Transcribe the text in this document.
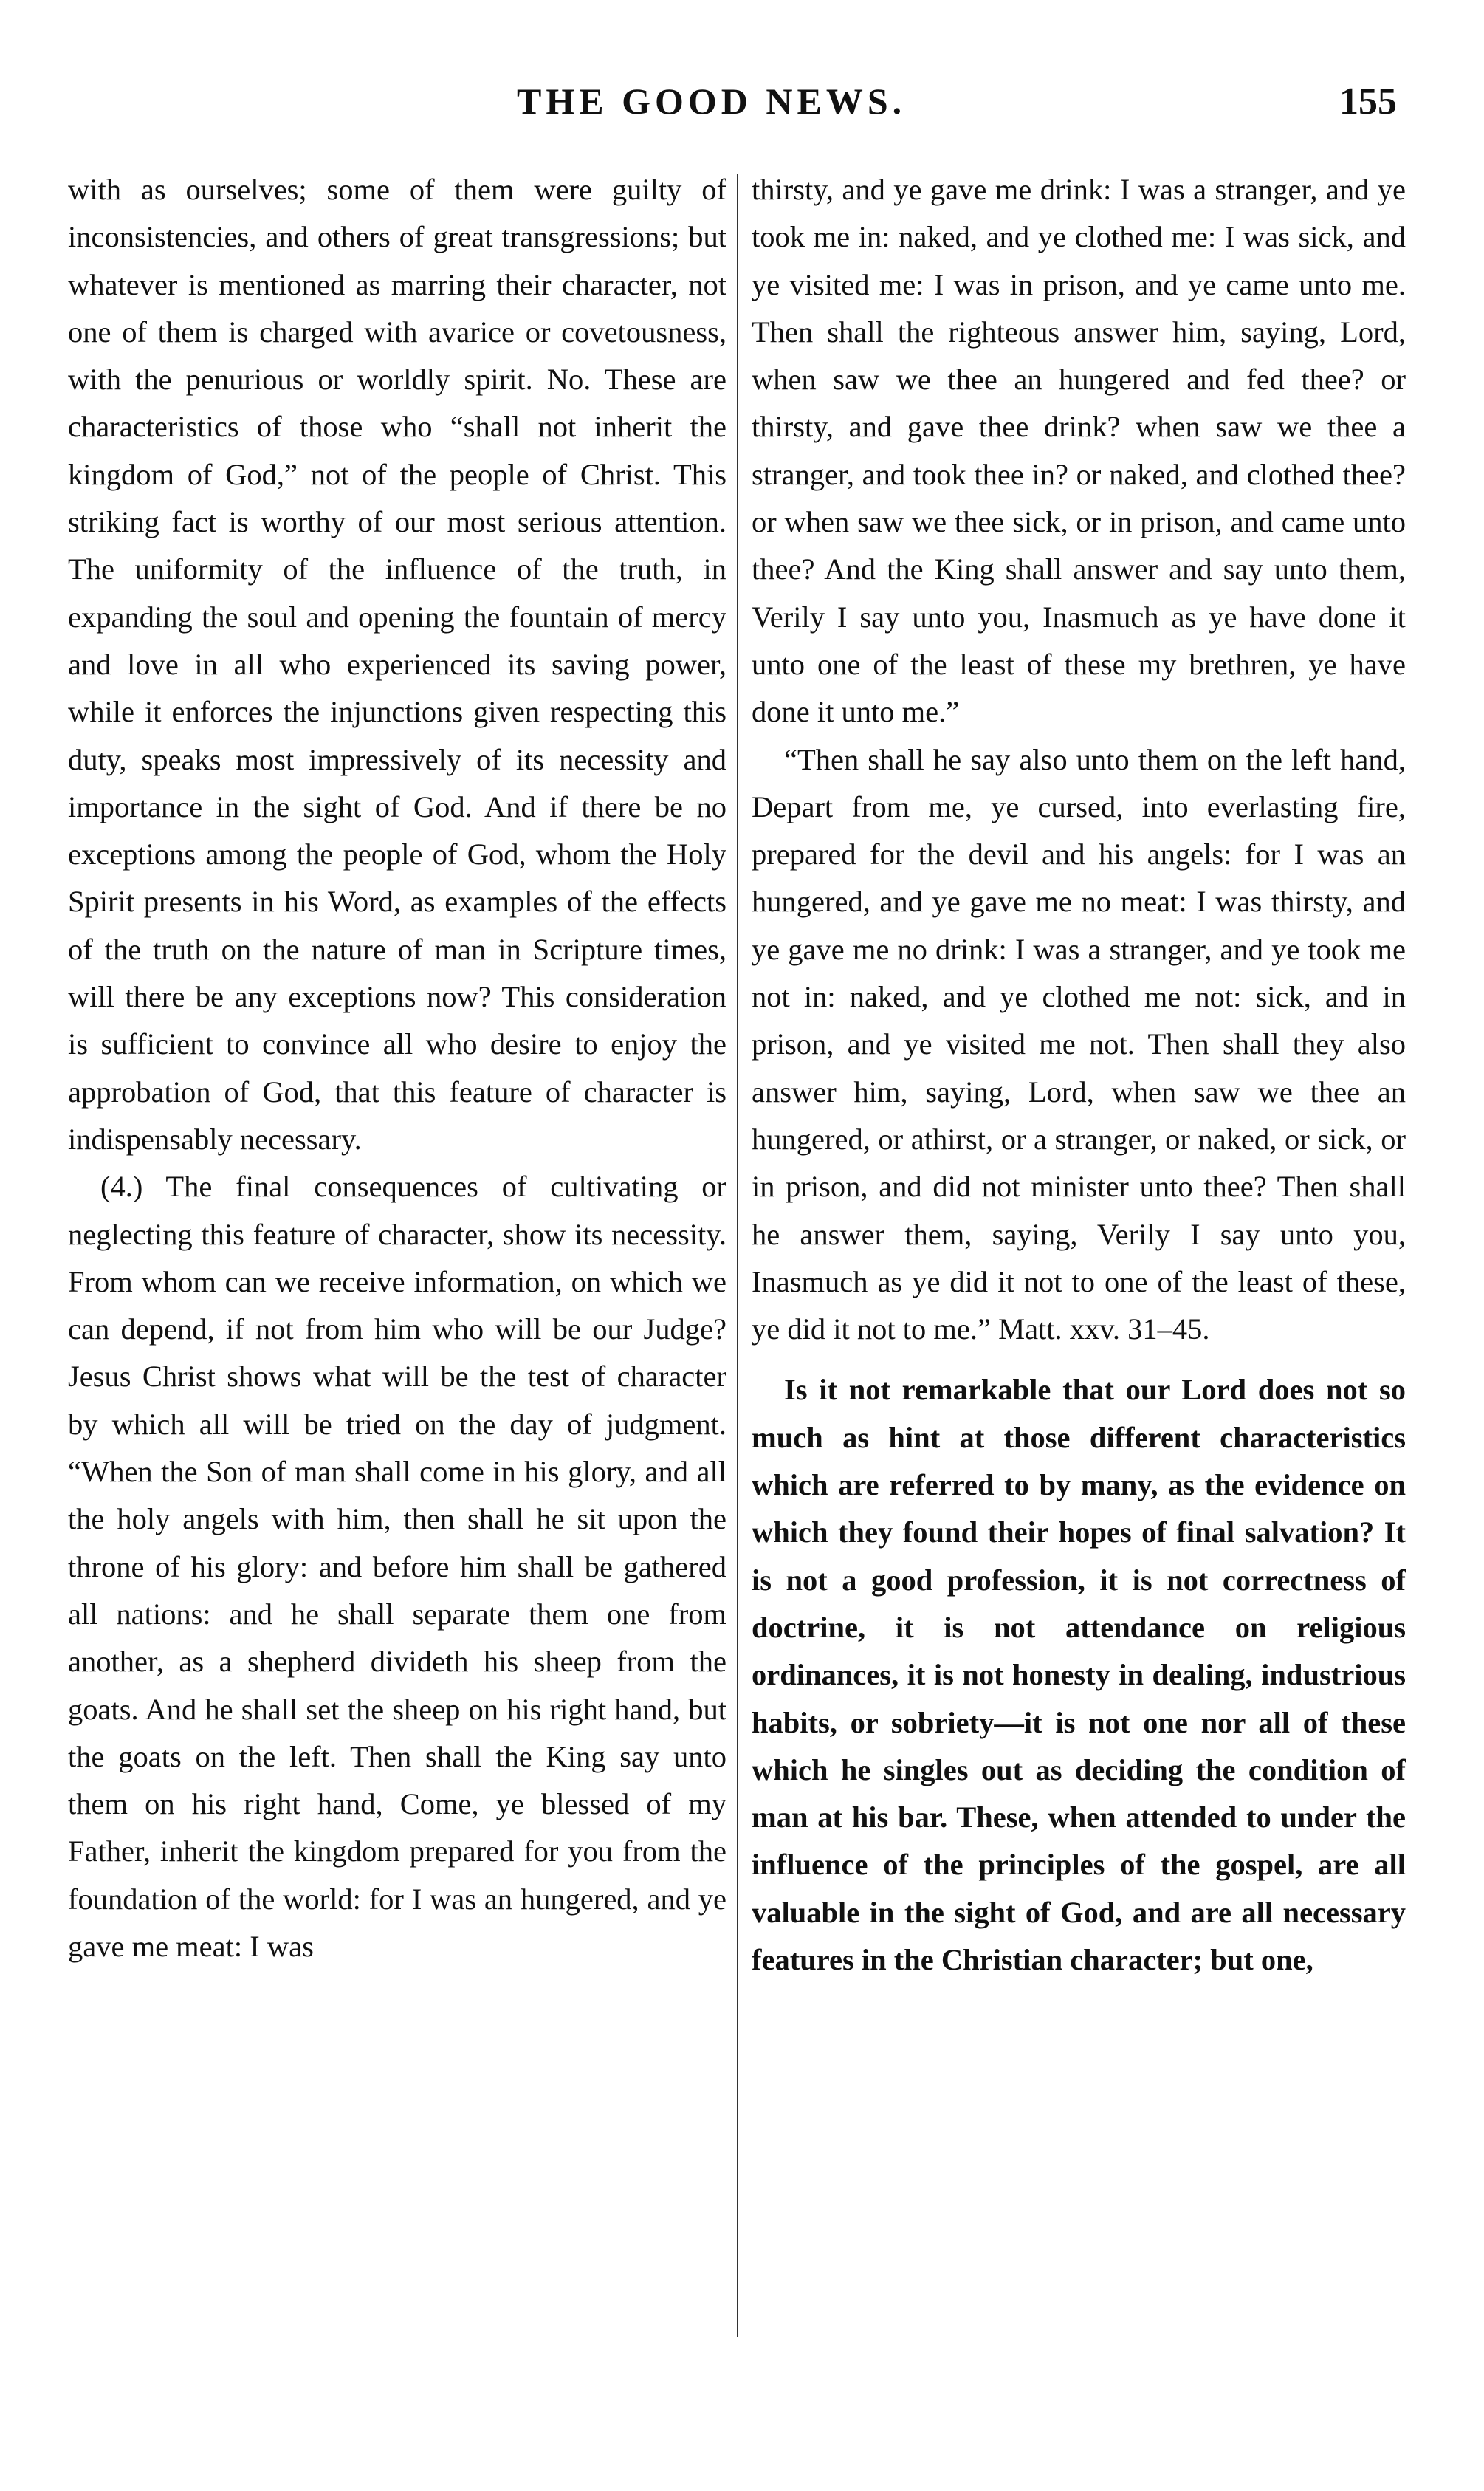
THE GOOD NEWS.	155

with as ourselves; some of them were guilty of inconsistencies, and others of great transgressions; but whatever is mentioned as marring their character, not one of them is charged with avarice or covetousness, with the penurious or worldly spirit. No. These are characteristics of those who “shall not inherit the kingdom of God,” not of the people of Christ. This striking fact is worthy of our most serious attention. The uniformity of the influence of the truth, in expanding the soul and opening the fountain of mercy and love in all who experienced its saving power, while it enforces the injunctions given respecting this duty, speaks most impressively of its necessity and importance in the sight of God. And if there be no exceptions among the people of God, whom the Holy Spirit presents in his Word, as examples of the effects of the truth on the nature of man in Scripture times, will there be any exceptions now? This consideration is sufficient to convince all who desire to enjoy the approbation of God, that this feature of character is indispensably necessary.

(4.) The final consequences of cultivating or neglecting this feature of character, show its necessity. From whom can we receive information, on which we can depend, if not from him who will be our Judge? Jesus Christ shows what will be the test of character by which all will be tried on the day of judgment. “When the Son of man shall come in his glory, and all the holy angels with him, then shall he sit upon the throne of his glory: and before him shall be gathered all nations: and he shall separate them one from another, as a shepherd divideth his sheep from the goats. And he shall set the sheep on his right hand, but the goats on the left. Then shall the King say unto them on his right hand, Come, ye blessed of my Father, inherit the kingdom prepared for you from the foundation of the world: for I was an hungered, and ye gave me meat: I was

thirsty, and ye gave me drink: I was a stranger, and ye took me in: naked, and ye clothed me: I was sick, and ye visited me: I was in prison, and ye came unto me. Then shall the righteous answer him, saying, Lord, when saw we thee an hungered and fed thee? or thirsty, and gave thee drink? when saw we thee a stranger, and took thee in? or naked, and clothed thee? or when saw we thee sick, or in prison, and came unto thee? And the King shall answer and say unto them, Verily I say unto you, Inasmuch as ye have done it unto one of the least of these my brethren, ye have done it unto me.”

“Then shall he say also unto them on the left hand, Depart from me, ye cursed, into everlasting fire, prepared for the devil and his angels: for I was an hungered, and ye gave me no meat: I was thirsty, and ye gave me no drink: I was a stranger, and ye took me not in: naked, and ye clothed me not: sick, and in prison, and ye visited me not. Then shall they also answer him, saying, Lord, when saw we thee an hungered, or athirst, or a stranger, or naked, or sick, or in prison, and did not minister unto thee? Then shall he answer them, saying, Verily I say unto you, Inasmuch as ye did it not to one of the least of these, ye did it not to me.” Matt. xxv. 31–45.

Is it not remarkable that our Lord does not so much as hint at those different characteristics which are referred to by many, as the evidence on which they found their hopes of final salvation? It is not a good profession, it is not correctness of doctrine, it is not attendance on religious ordinances, it is not honesty in dealing, industrious habits, or sobriety—it is not one nor all of these which he singles out as deciding the condition of man at his bar. These, when attended to under the influence of the principles of the gospel, are all valuable in the sight of God, and are all necessary features in the Christian character; but one,
